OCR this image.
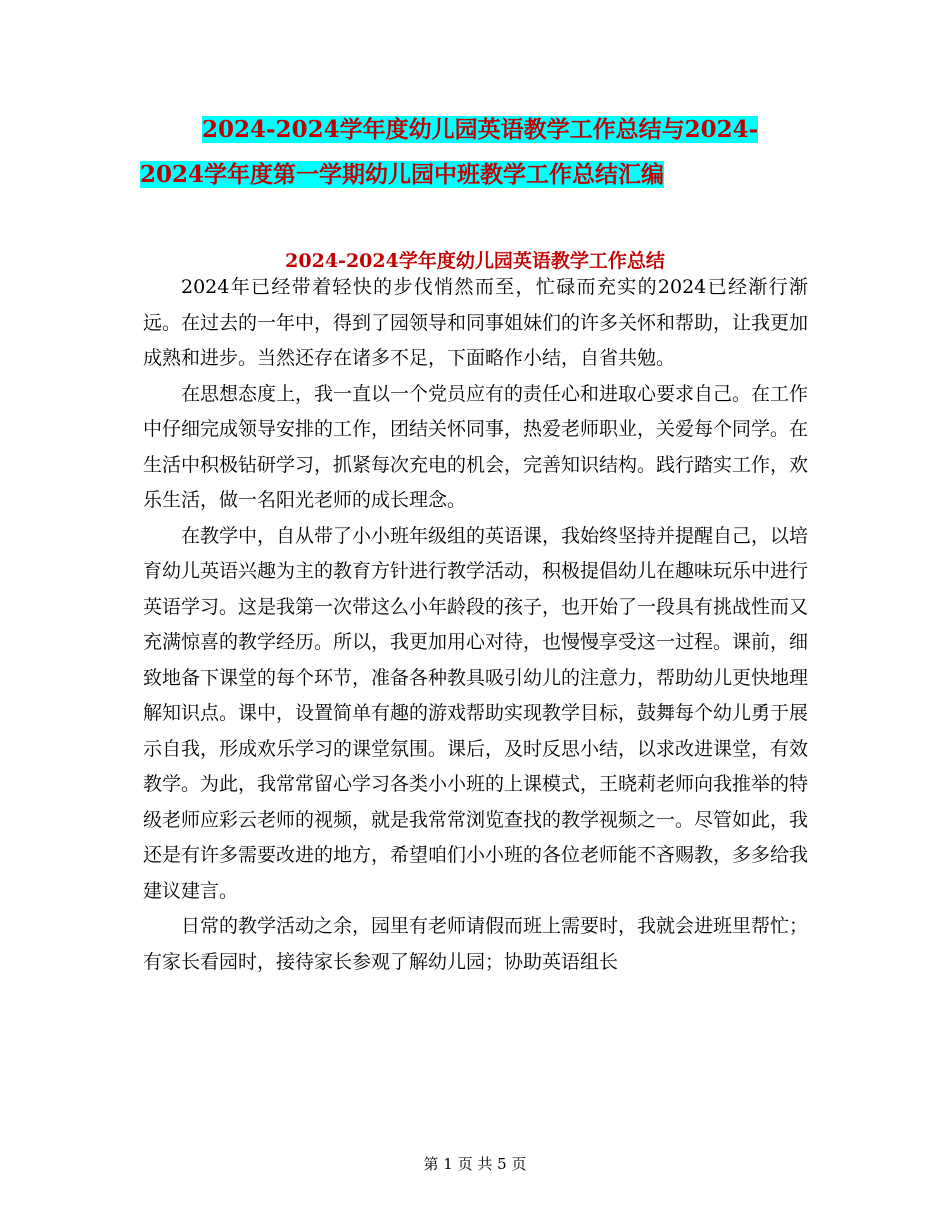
2024-2024学年度幼儿园英语教学工作总结与2024-
2024学年度第一学期幼儿园中班教学工作总结汇编
2024-2024学年度幼儿园英语教学工作总结

2024年已经带着轻快的步伐悄然而至，忙碌而充实的2024已经渐行渐远。在过去的一年中，得到了园领导和同事姐妹们的许多关怀和帮助，让我更加成熟和进步。当然还存在诸多不足，下面略作小结，自省共勉。

在思想态度上，我一直以一个党员应有的责任心和进取心要求自己。在工作中仔细完成领导安排的工作，团结关怀同事，热爱老师职业，关爱每个同学。在生活中积极钻研学习，抓紧每次充电的机会，完善知识结构。践行踏实工作，欢乐生活，做一名阳光老师的成长理念。

在教学中，自从带了小小班年级组的英语课，我始终坚持并提醒自己，以培育幼儿英语兴趣为主的教育方针进行教学活动，积极提倡幼儿在趣味玩乐中进行英语学习。这是我第一次带这么小年龄段的孩子，也开始了一段具有挑战性而又充满惊喜的教学经历。所以，我更加用心对待，也慢慢享受这一过程。课前，细致地备下课堂的每个环节，准备各种教具吸引幼儿的注意力，帮助幼儿更快地理解知识点。课中，设置简单有趣的游戏帮助实现教学目标，鼓舞每个幼儿勇于展示自我，形成欢乐学习的课堂氛围。课后，及时反思小结，以求改进课堂，有效教学。为此，我常常留心学习各类小小班的上课模式，王晓莉老师向我推举的特级老师应彩云老师的视频，就是我常常浏览查找的教学视频之一。尽管如此，我还是有许多需要改进的地方，希望咱们小小班的各位老师能不吝赐教，多多给我建议建言。

日常的教学活动之余，园里有老师请假而班上需要时，我就会进班里帮忙；有家长看园时，接待家长参观了解幼儿园；协助英语组长

第 1 页 共 5 页
